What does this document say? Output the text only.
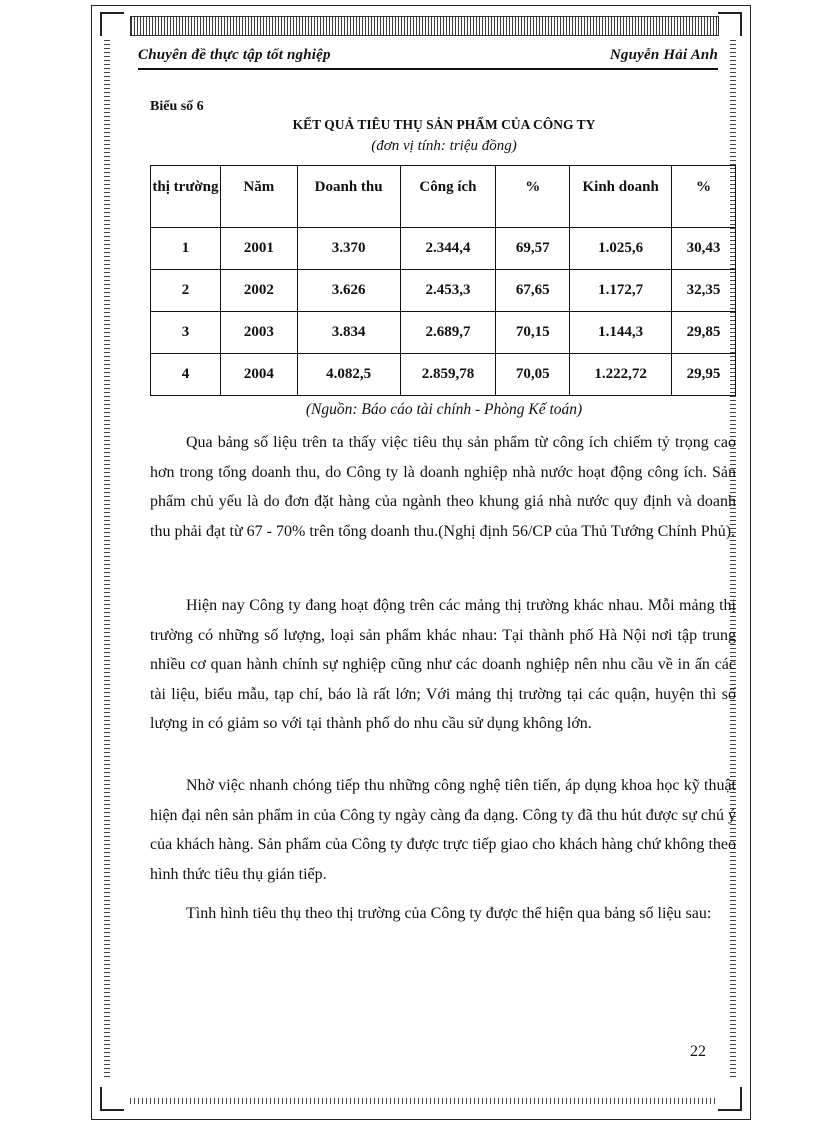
Chuyên đề thực tập tốt nghiệp	Nguyễn Hải Anh
Biểu số 6
KẾT QUẢ TIÊU THỤ SẢN PHẨM CỦA CÔNG TY
(đơn vị tính: triệu đồng)
thị trường	Năm	Doanh thu	Công ích	%	Kinh doanh	%

1	2001	3.370	2.344,4	69,57	1.025,6	30,43
2	2002	3.626	2.453,3	67,65	1.172,7	32,35
3	2003	3.834	2.689,7	70,15	1.144,3	29,85
4	2004	4.082,5	2.859,78	70,05	1.222,72	29,95
(Nguồn: Báo cáo tài chính - Phòng Kế toán)

Qua bảng số liệu trên ta thấy việc tiêu thụ sản phẩm từ công ích chiếm tỷ trọng cao hơn trong tổng doanh thu, do Công ty là doanh nghiệp nhà nước hoạt động công ích. Sản phẩm chủ yếu là do đơn đặt hàng của ngành theo khung giá nhà nước quy định và doanh thu phải đạt từ 67 - 70% trên tổng doanh thu.(Nghị định 56/CP của Thủ Tướng Chính Phủ).

Hiện nay Công ty đang hoạt động trên các mảng thị trường khác nhau. Mỗi mảng thị trường có những số lượng, loại sản phẩm khác nhau: Tại thành phố Hà Nội nơi tập trung nhiều cơ quan hành chính sự nghiệp cũng như các doanh nghiệp nên nhu cầu về in ấn các tài liệu, biểu mẫu, tạp chí, báo là rất lớn; Với mảng thị trường tại các quận, huyện thì số lượng in có giảm so với tại thành phố do nhu cầu sử dụng không lớn.

Nhờ việc nhanh chóng tiếp thu những công nghệ tiên tiến, áp dụng khoa học kỹ thuật hiện đại nên sản phẩm in của Công ty ngày càng đa dạng. Công ty đã thu hút được sự chú ý của khách hàng. Sản phẩm của Công ty được trực tiếp giao cho khách hàng chứ không theo hình thức tiêu thụ gián tiếp.

Tình hình tiêu thụ theo thị trường của Công ty được thể hiện qua bảng số liệu sau:

22
